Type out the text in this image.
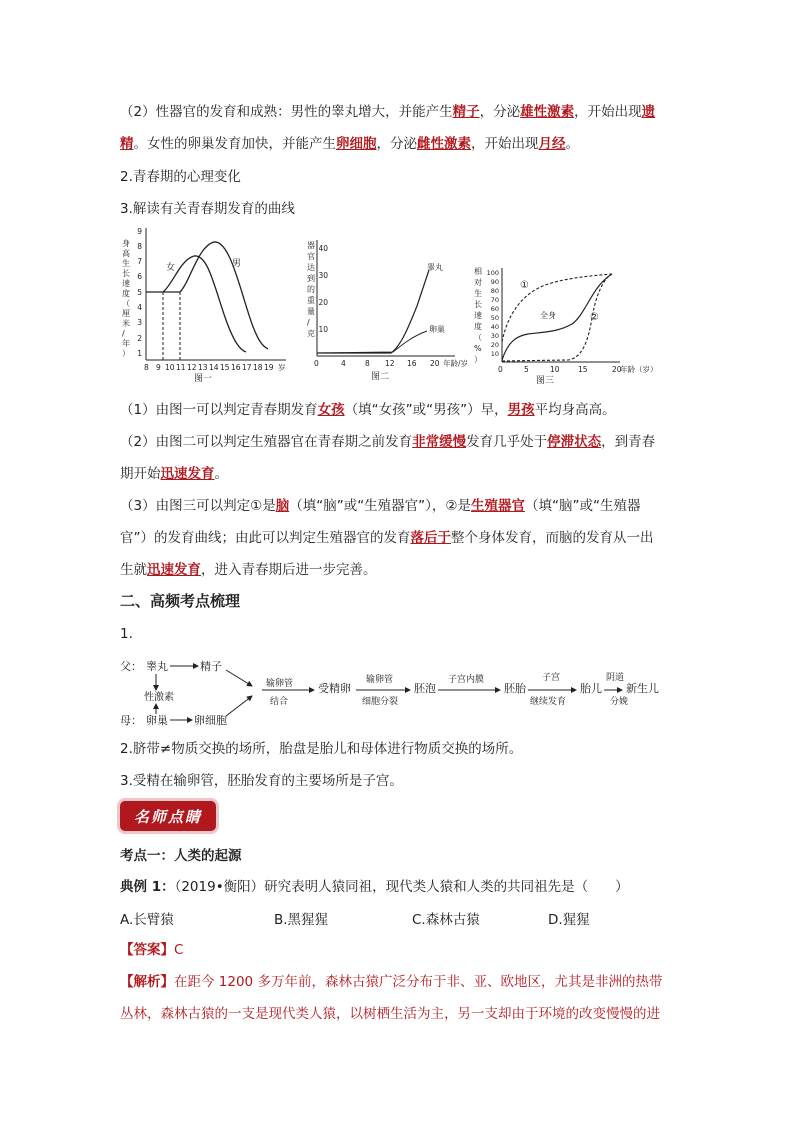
（2）性器官的发育和成熟：男性的睾丸增大，并能产生精子，分泌雄性激素，开始出现遗
精。女性的卵巢发育加快，并能产生卵细胞，分泌雌性激素，开始出现月经。
2.青春期的心理变化
3.解读有关青春期发育的曲线
身
高
生
长
速
度
（
厘
米
/
年
） 1
2
3
4
5
6
7
8
9
女	男
8 9 10 11 12 13 14 15 16 17 18 19 岁
图一
器
官
达
到
的
重
量
/
克 10
20
30
40
睾丸
卵巢
0	4	8 12 16 20 年龄/岁
图二
相
对
生
长
速
度
（
%
）
10
20
30
40
50
60
70
80
90
100
①
全身	②
0	5	10 15	20
年龄（岁）
图三
（1）由图一可以判定青春期发育女孩（填“女孩”或“男孩”）早，男孩平均身高高。
（2）由图二可以判定生殖器官在青春期之前发育非常缓慢发育几乎处于停滞状态，到青春
期开始迅速发育。
（3）由图三可以判定①是脑（填“脑”或“生殖器官”），②是生殖器官（填“脑”或“生殖器
官”）的发育曲线；由此可以判定生殖器官的发育落后于整个身体发育，而脑的发育从一出
生就迅速发育，进入青春期后进一步完善。
二、高频考点梳理
1.
父： 睾丸	精子
性激素
母： 卵巢 卵细胞
输卵管
结合
受精卵
输卵管
细胞分裂
胚泡
子宫内膜
胚胎
子宫
继续发育
胎儿
阴道
分娩
新生儿
2.脐带≠物质交换的场所，胎盘是胎儿和母体进行物质交换的场所。
3.受精在输卵管，胚胎发育的主要场所是子宫。
名师点睛
考点一：人类的起源
典例 1：（2019•衡阳）研究表明人猿同祖，现代类人猿和人类的共同祖先是（　　）
A.长臂猿	B.黑猩猩	C.森林古猿	D.猩猩
【答案】C
【解析】在距今 1200 多万年前，森林古猿广泛分布于非、亚、欧地区，尤其是非洲的热带
丛林，森林古猿的一支是现代类人猿，以树栖生活为主，另一支却由于环境的改变慢慢的进
